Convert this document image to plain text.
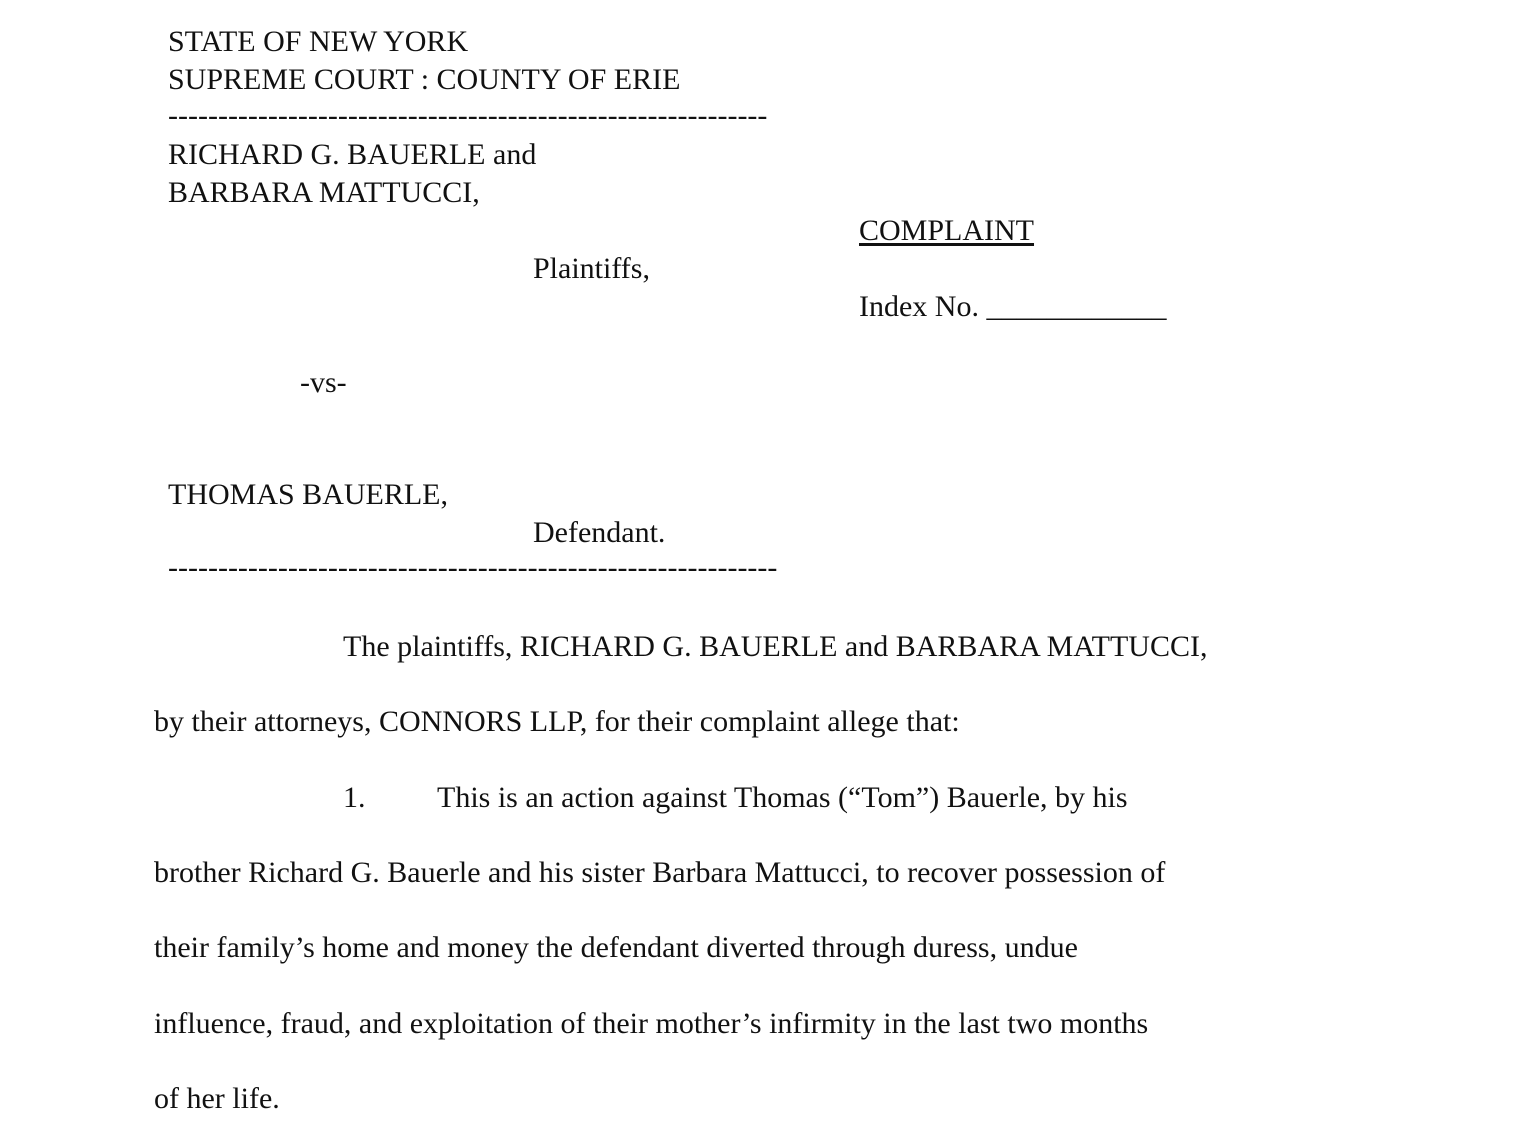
STATE OF NEW YORK
SUPREME COURT : COUNTY OF ERIE
------------------------------------------------------------
RICHARD G. BAUERLE and
BARBARA MATTUCCI,
COMPLAINT
Plaintiffs,
Index No. ____________
-vs-
THOMAS BAUERLE,
Defendant.
-------------------------------------------------------------
The plaintiffs, RICHARD G. BAUERLE and BARBARA MATTUCCI,
by their attorneys, CONNORS LLP, for their complaint allege that:
1. This is an action against Thomas (“Tom”) Bauerle, by his
brother Richard G. Bauerle and his sister Barbara Mattucci, to recover possession of
their family’s home and money the defendant diverted through duress, undue
influence, fraud, and exploitation of their mother’s infirmity in the last two months
of her life.
